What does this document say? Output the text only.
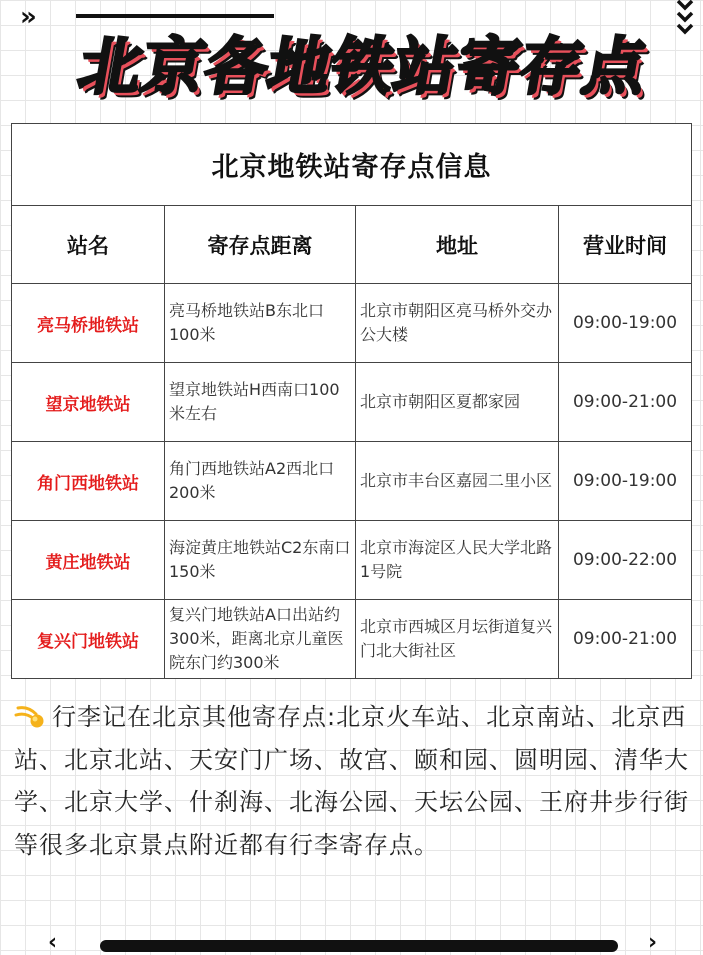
»
北京各地铁站寄存点
北京地铁站寄存点信息			
站名	寄存点距离	地址	营业时间
亮马桥地铁站	亮马桥地铁站B东北口100米	北京市朝阳区亮马桥外交办公大楼	09:00-19:00
望京地铁站	望京地铁站H西南口100米左右	北京市朝阳区夏都家园	09:00-21:00
角门西地铁站	角门西地铁站A2西北口200米	北京市丰台区嘉园二里小区	09:00-19:00
黄庄地铁站	海淀黄庄地铁站C2东南口150米	北京市海淀区人民大学北路1号院	09:00-22:00
复兴门地铁站	复兴门地铁站A口出站约300米，距离北京儿童医院东门约300米	北京市西城区月坛街道复兴门北大街社区	09:00-21:00
行李记在北京其他寄存点:北京火车站、北京南站、北京西站、北京北站、天安门广场、故宫、颐和园、圆明园、清华大学、北京大学、什刹海、北海公园、天坛公园、王府井步行街等很多北京景点附近都有行李寄存点。
‹	›
